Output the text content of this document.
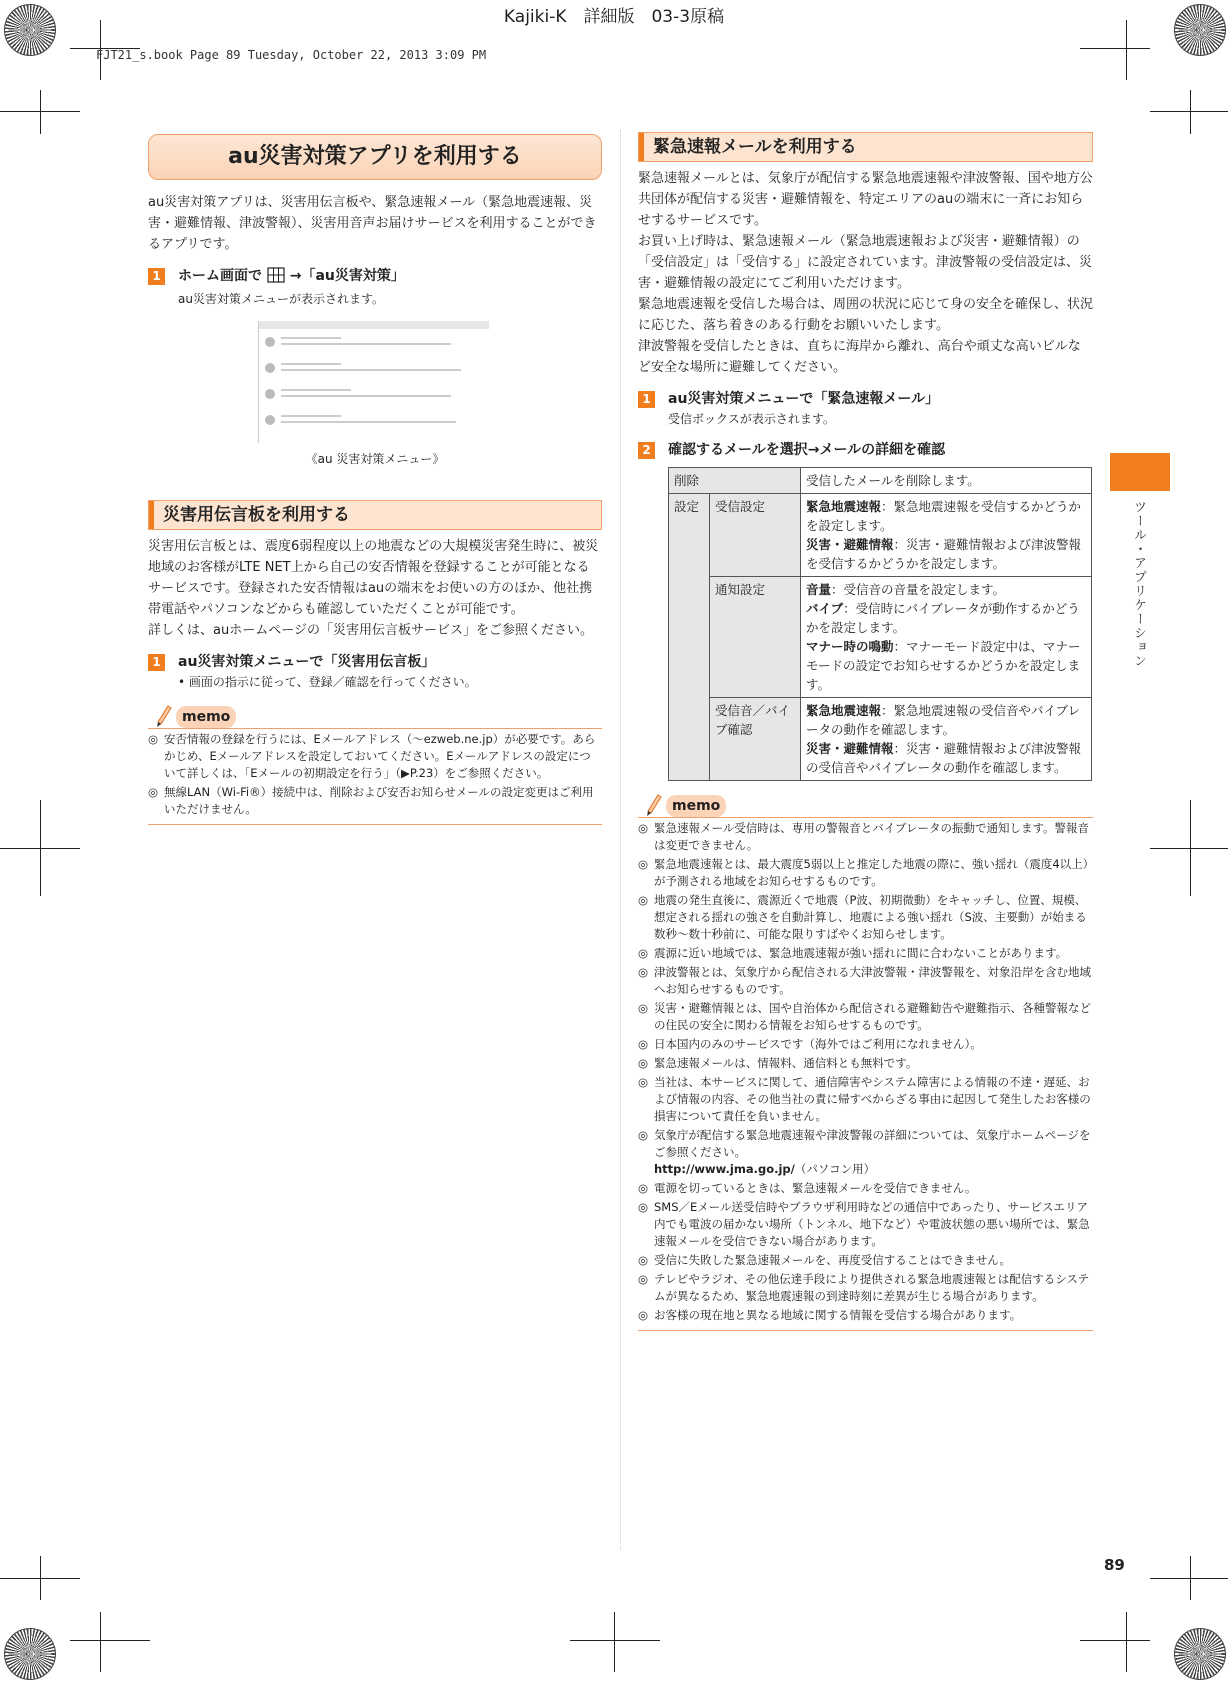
Kajiki-K　詳細版　03-3原稿
FJT21_s.book Page 89 Tuesday, October 22, 2013 3:09 PM
ツール・アプリケーション
89
au災害対策アプリを利用する

au災害対策アプリは、災害用伝言板や、緊急速報メール（緊急地震速報、災害・避難情報、津波警報）、災害用音声お届けサービスを利用することができるアプリです。

1	ホーム画面で →「au災害対策」
au災害対策メニューが表示されます。
《au 災害対策メニュー》
災害用伝言板を利用する

災害用伝言板とは、震度6弱程度以上の地震などの大規模災害発生時に、被災地域のお客様がLTE NET上から自己の安否情報を登録することが可能となるサービスです。登録された安否情報はauの端末をお使いの方のほか、他社携帯電話やパソコンなどからも確認していただくことが可能です。

詳しくは、auホームページの「災害用伝言板サービス」をご参照ください。

1	au災害対策メニューで「災害用伝言板」
• 画面の指示に従って、登録／確認を行ってください。
memo
◎ 安否情報の登録を行うには、Eメールアドレス（～ezweb.ne.jp）が必要です。あらかじめ、Eメールアドレスを設定しておいてください。Eメールアドレスの設定について詳しくは、「Eメールの初期設定を行う」（▶P.23）をご参照ください。
◎ 無線LAN（Wi-Fi®）接続中は、削除および安否お知らせメールの設定変更はご利用いただけません。
緊急速報メールを利用する

緊急速報メールとは、気象庁が配信する緊急地震速報や津波警報、国や地方公共団体が配信する災害・避難情報を、特定エリアのauの端末に一斉にお知らせするサービスです。

お買い上げ時は、緊急速報メール（緊急地震速報および災害・避難情報）の「受信設定」は「受信する」に設定されています。津波警報の受信設定は、災害・避難情報の設定にてご利用いただけます。

緊急地震速報を受信した場合は、周囲の状況に応じて身の安全を確保し、状況に応じた、落ち着きのある行動をお願いいたします。

津波警報を受信したときは、直ちに海岸から離れ、高台や頑丈な高いビルなど安全な場所に避難してください。

1	au災害対策メニューで「緊急速報メール」
受信ボックスが表示されます。
2	確認するメールを選択→メールの詳細を確認
削除		受信したメールを削除します。
設定	受信設定	緊急地震速報：緊急地震速報を受信するかどうかを設定します。
災害・避難情報：災害・避難情報および津波警報を受信するかどうかを設定します。
	通知設定	音量：受信音の音量を設定します。
バイブ：受信時にバイブレータが動作するかどうかを設定します。
マナー時の鳴動：マナーモード設定中は、マナーモードの設定でお知らせするかどうかを設定します。
	受信音／バイブ確認	緊急地震速報：緊急地震速報の受信音やバイブレータの動作を確認します。
災害・避難情報：災害・避難情報および津波警報の受信音やバイブレータの動作を確認します。
memo
◎ 緊急速報メール受信時は、専用の警報音とバイブレータの振動で通知します。警報音は変更できません。
◎ 緊急地震速報とは、最大震度5弱以上と推定した地震の際に、強い揺れ（震度4以上）が予測される地域をお知らせするものです。
◎ 地震の発生直後に、震源近くで地震（P波、初期微動）をキャッチし、位置、規模、想定される揺れの強さを自動計算し、地震による強い揺れ（S波、主要動）が始まる数秒～数十秒前に、可能な限りすばやくお知らせします。
◎ 震源に近い地域では、緊急地震速報が強い揺れに間に合わないことがあります。
◎ 津波警報とは、気象庁から配信される大津波警報・津波警報を、対象沿岸を含む地域へお知らせするものです。
◎ 災害・避難情報とは、国や自治体から配信される避難勧告や避難指示、各種警報などの住民の安全に関わる情報をお知らせするものです。
◎ 日本国内のみのサービスです（海外ではご利用になれません）。
◎ 緊急速報メールは、情報料、通信料とも無料です。
◎ 当社は、本サービスに関して、通信障害やシステム障害による情報の不達・遅延、および情報の内容、その他当社の責に帰すべからざる事由に起因して発生したお客様の損害について責任を負いません。
◎ 気象庁が配信する緊急地震速報や津波警報の詳細については、気象庁ホームページをご参照ください。
http://www.jma.go.jp/（パソコン用）
◎ 電源を切っているときは、緊急速報メールを受信できません。
◎ SMS／Eメール送受信時やブラウザ利用時などの通信中であったり、サービスエリア内でも電波の届かない場所（トンネル、地下など）や電波状態の悪い場所では、緊急速報メールを受信できない場合があります。
◎ 受信に失敗した緊急速報メールを、再度受信することはできません。
◎ テレビやラジオ、その他伝達手段により提供される緊急地震速報とは配信するシステムが異なるため、緊急地震速報の到達時刻に差異が生じる場合があります。
◎ お客様の現在地と異なる地域に関する情報を受信する場合があります。
